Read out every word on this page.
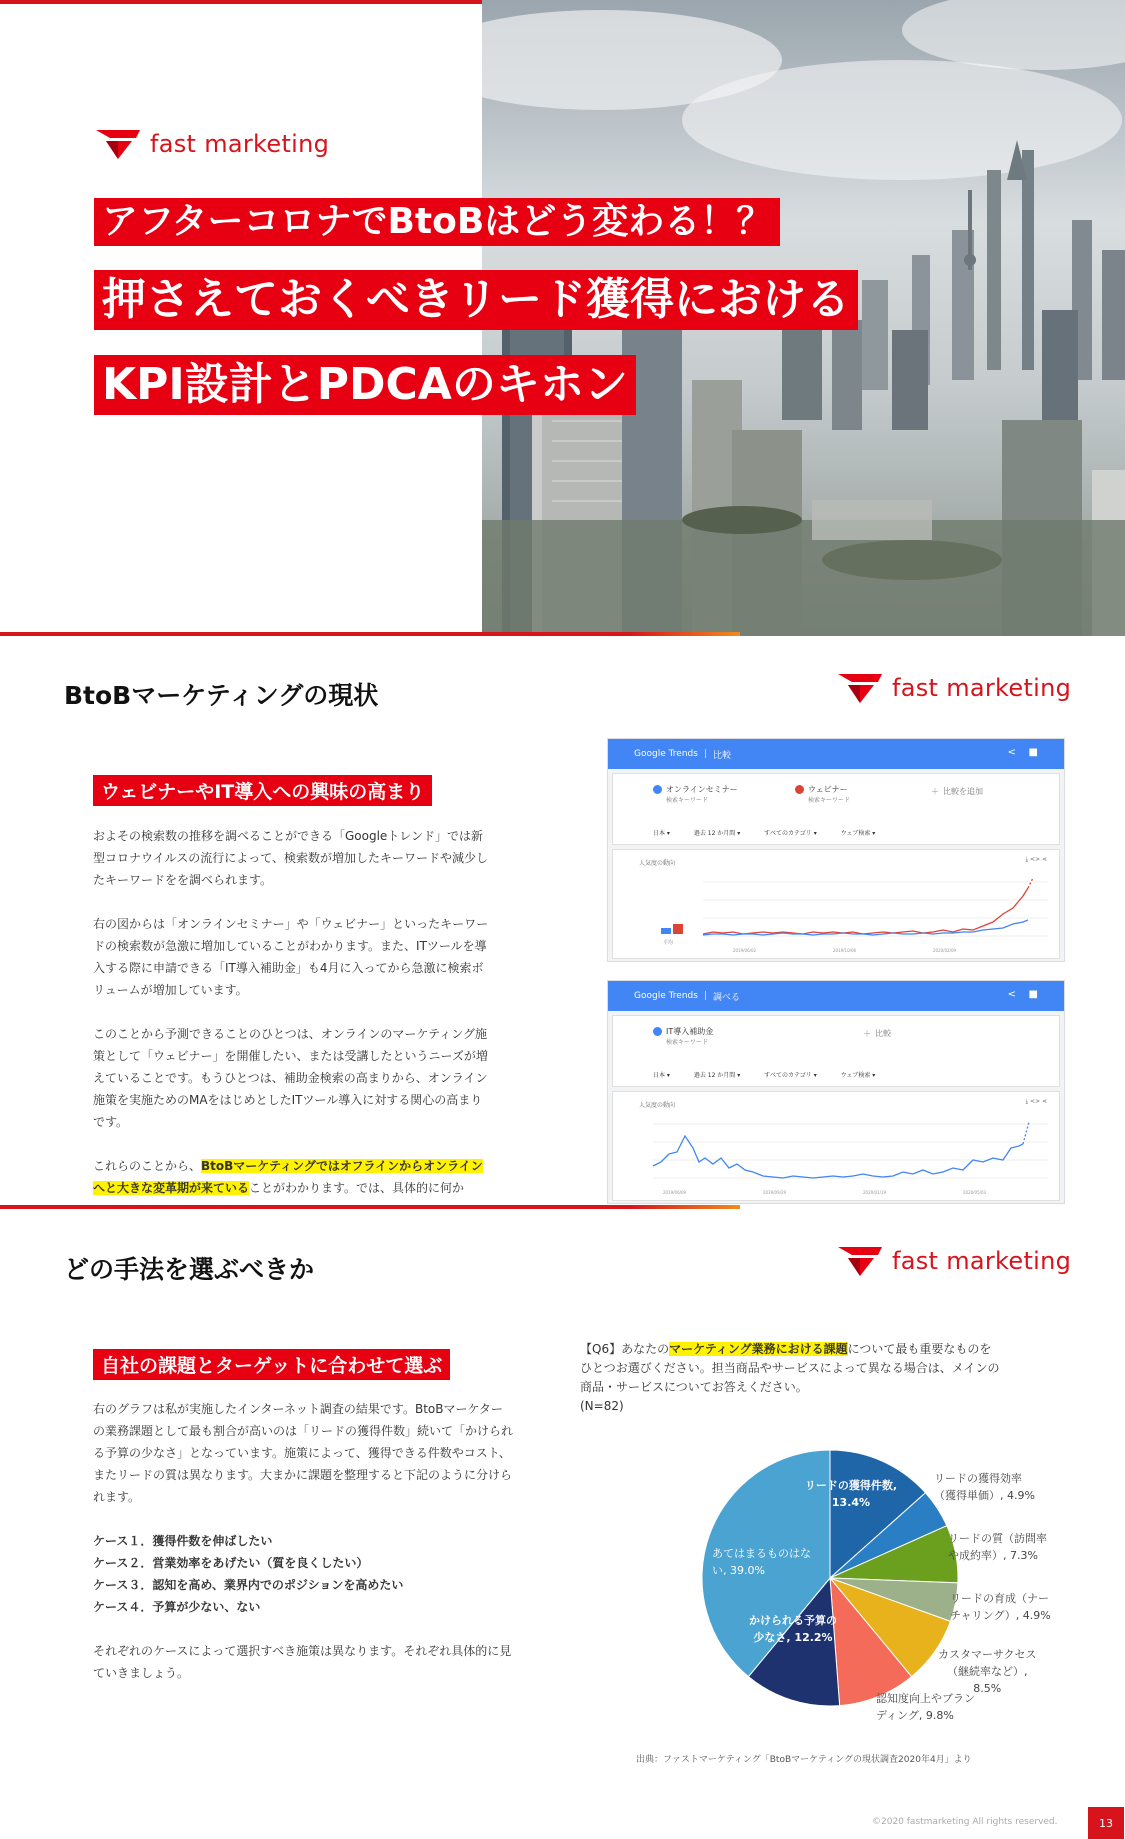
fast marketing
アフターコロナでBtoBはどう変わる！？
押さえておくべきリード獲得における
KPI設計とPDCAのキホン
BtoBマーケティングの現状	fast marketing
ウェビナーやIT導入への興味の高まり

およその検索数の推移を調べることができる「Googleトレンド」では新型コロナウイルスの流行によって、検索数が増加したキーワードや減少したキーワードをを調べられます。

右の図からは「オンラインセミナー」や「ウェビナー」といったキーワードの検索数が急激に増加していることがわかります。また、ITツールを導入する際に申請できる「IT導入補助金」も4月に入ってから急激に検索ボリュームが増加しています。

このことから予測できることのひとつは、オンラインのマーケティング施策として「ウェビナー」を開催したい、または受講したというニーズが増えていることです。もうひとつは、補助金検索の高まりから、オンライン施策を実施ためのMAをはじめとしたITツール導入に対する関心の高まりです。

これらのことから、BtoBマーケティングではオフラインからオンラインへと大きな変革期が来ていることがわかります。では、具体的に何か

Google Trends | 比較	< ■
オンラインセミナー
検索キーワード
ウェビナー
検索キーワード
＋ 比較を追加
日本 ▾	過去 12 か月間 ▾	すべてのカテゴリ ▾	ウェブ検索 ▾
人気度の動向
⤓ <> ⋖
平均
2019/06/02	2019/10/06	2020/02/09
Google Trends | 調べる	< ■
IT導入補助金
検索キーワード
＋ 比較
日本 ▾	過去 12 か月間 ▾	すべてのカテゴリ ▾	ウェブ検索 ▾
人気度の動向
⤓ <> ⋖
2019/06/09	2019/09/29	2020/01/19	2020/05/03
どの手法を選ぶべきか	fast marketing
自社の課題とターゲットに合わせて選ぶ

右のグラフは私が実施したインターネット調査の結果です。BtoBマーケターの業務課題として最も割合が高いのは「リードの獲得件数」続いて「かけられる予算の少なさ」となっています。施策によって、獲得できる件数やコスト、またリードの質は異なります。大まかに課題を整理すると下記のように分けられます。

ケース１．獲得件数を伸ばしたい
ケース２．営業効率をあげたい（質を良くしたい）
ケース３．認知を高め、業界内でのポジションを高めたい
ケース４．予算が少ない、ない

それぞれのケースによって選択すべき施策は異なります。それぞれ具体的に見ていきましょう。

【Q6】あなたのマーケティング業務における課題について最も重要なものをひとつお選びください。担当商品やサービスによって異なる場合は、メインの商品・サービスについてお答えください。
(N=82)
リードの獲得件数,
13.4%
あてはまるものはな
い, 39.0%
かけられる予算の
少なさ, 12.2%
リードの獲得効率
（獲得単価）, 4.9%
リードの質（訪問率
や成約率）, 7.3%
リードの育成（ナー
チャリング）, 4.9%
カスタマーサクセス
（継続率など）,
8.5%
認知度向上やブラン
ディング, 9.8%
出典：ファストマーケティング「BtoBマーケティングの現状調査2020年4月」より
©2020 fastmarketing All rights reserved.	13
